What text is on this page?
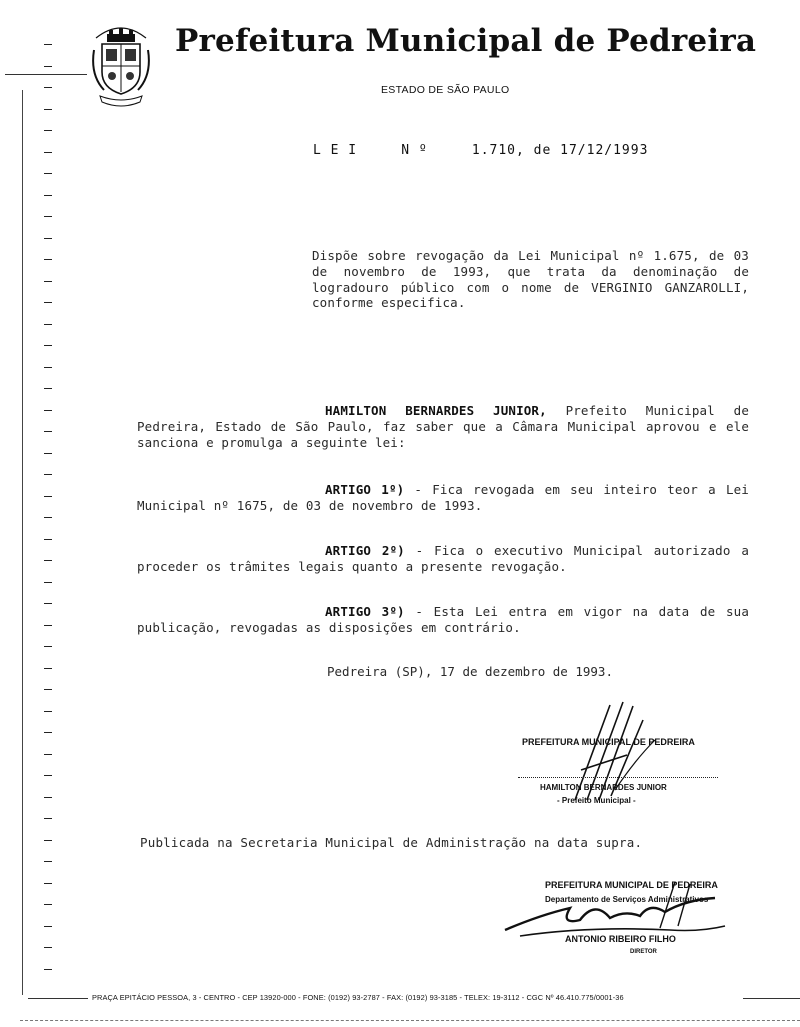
Prefeitura Municipal de Pedreira
ESTADO DE SÃO PAULO
L E I     N º     1.710, de 17/12/1993
Dispõe sobre revogação da Lei Municipal nº 1.675, de 03 de novembro de 1993, que trata da denominação de logradouro público com o nome de VERGINIO GANZAROLLI, conforme especifica.
HAMILTON BERNARDES JUNIOR, Prefeito Municipal de Pedreira, Estado de São Paulo, faz saber que a Câmara Municipal aprovou e ele sanciona e promulga a seguinte lei:
ARTIGO 1º) - Fica revogada em seu inteiro teor a Lei Municipal nº 1675, de 03 de novembro de 1993.
ARTIGO 2º) - Fica o executivo Municipal autorizado a proceder os trâmites legais quanto a presente revogação.
ARTIGO 3º) - Esta Lei entra em vigor na data de sua publicação, revogadas as disposições em contrário.
Pedreira (SP), 17 de dezembro de 1993.
PREFEITURA MUNICIPAL DE PEDREIRA
HAMILTON BERNARDES JUNIOR
- Prefeito Municipal -
Publicada na Secretaria Municipal de Administração na data supra.
PREFEITURA MUNICIPAL DE PEDREIRA
Departamento de Serviços Administrativos
ANTONIO RIBEIRO FILHO
DIRETOR
PRAÇA EPITÁCIO PESSOA, 3 - CENTRO - CEP 13920-000 - FONE: (0192) 93-2787 - FAX: (0192) 93-3185 - TELEX: 19-3112 - CGC Nº 46.410.775/0001-36
